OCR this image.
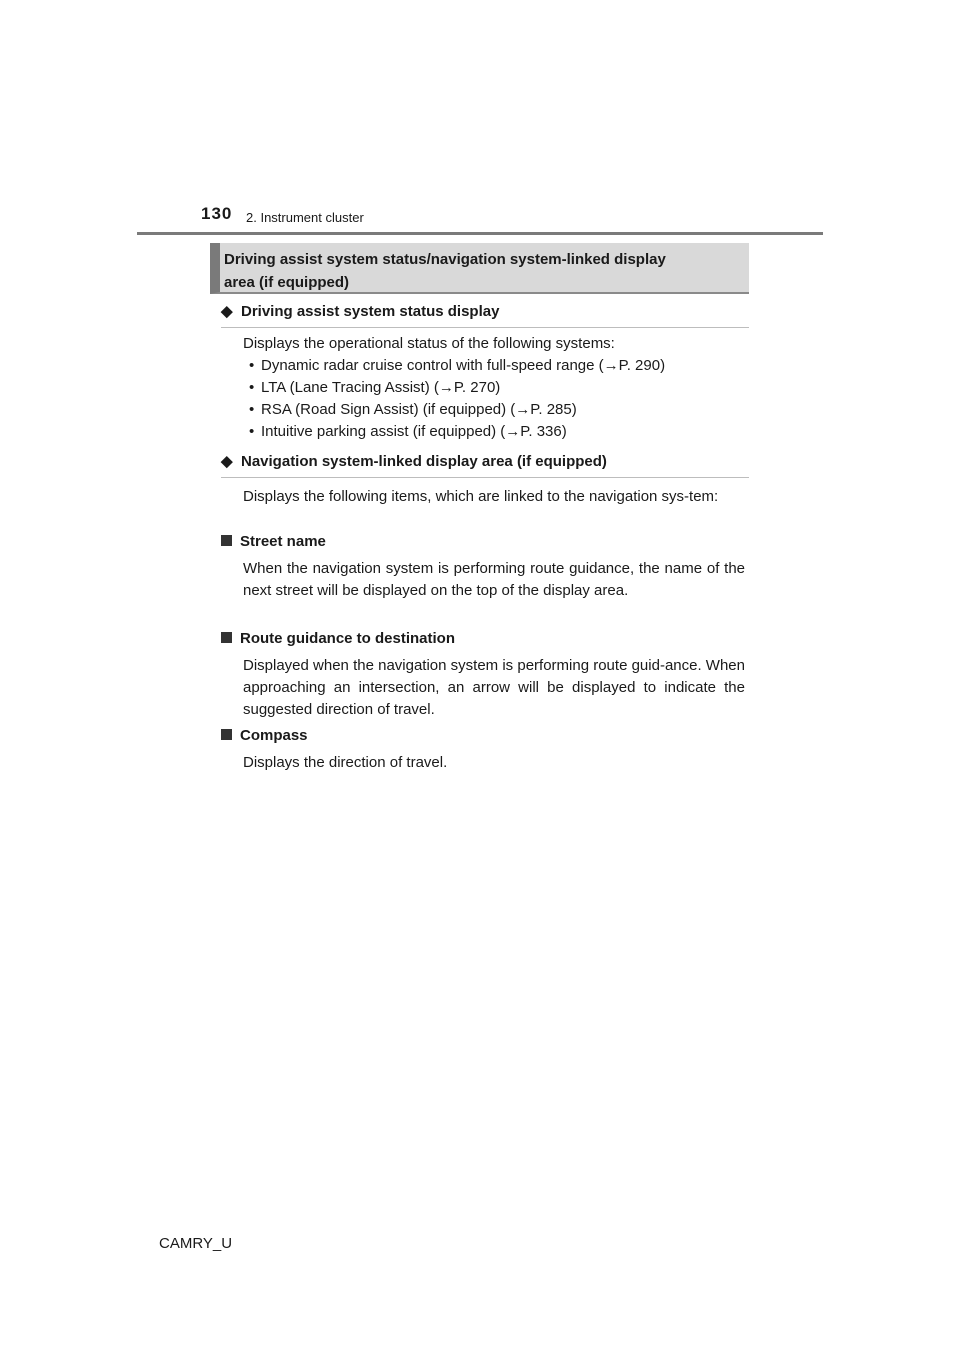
130 2. Instrument cluster
Driving assist system status/navigation system-linked display
area (if equipped)
◆ Driving assist system status display
Displays the operational status of the following systems:
• Dynamic radar cruise control with full-speed range (→P. 290)
• LTA (Lane Tracing Assist) (→P. 270)
• RSA (Road Sign Assist) (if equipped) (→P. 285)
• Intuitive parking assist (if equipped) (→P. 336)
◆ Navigation system-linked display area (if equipped)
Displays the following items, which are linked to the navigation sys-tem:
Street name
When the navigation system is performing route guidance, the name of the next street will be displayed on the top of the display area.
Route guidance to destination
Displayed when the navigation system is performing route guid-ance. When approaching an intersection, an arrow will be displayed to indicate the suggested direction of travel.
Compass
Displays the direction of travel.
CAMRY_U
